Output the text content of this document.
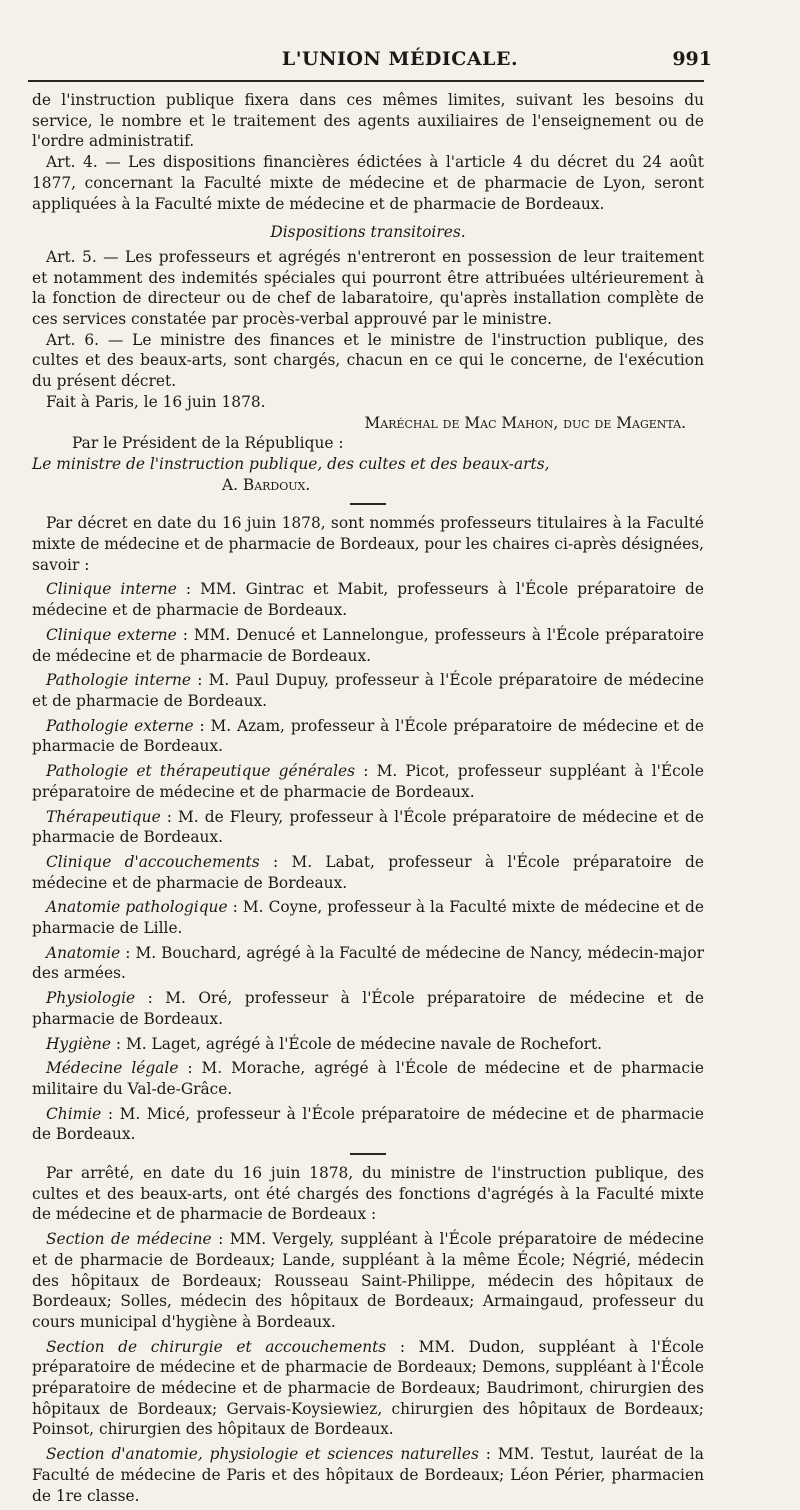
L'UNION MÉDICALE.	991

de l'instruction publique fixera dans ces mêmes limites, suivant les besoins du service, le nombre et le traitement des agents auxiliaires de l'enseignement ou de l'ordre administratif.

Art. 4. — Les dispositions financières édictées à l'article 4 du décret du 24 août 1877, concernant la Faculté mixte de médecine et de pharmacie de Lyon, seront appliquées à la Faculté mixte de médecine et de pharmacie de Bordeaux.

Dispositions transitoires.

Art. 5. — Les professeurs et agrégés n'entreront en possession de leur traitement et notamment des indemités spéciales qui pourront être attribuées ultérieurement à la fonction de directeur ou de chef de labaratoire, qu'après installation complète de ces services constatée par procès-verbal approuvé par le ministre.

Art. 6. — Le ministre des finances et le ministre de l'instruction publique, des cultes et des beaux-arts, sont chargés, chacun en ce qui le concerne, de l'exécution du présent décret.

Fait à Paris, le 16 juin 1878.

Maréchal de Mac Mahon, duc de Magenta.

Par le Président de la République :

Le ministre de l'instruction publique, des cultes et des beaux-arts,

A. Bardoux.

Par décret en date du 16 juin 1878, sont nommés professeurs titulaires à la Faculté mixte de médecine et de pharmacie de Bordeaux, pour les chaires ci-après désignées, savoir :

Clinique interne : MM. Gintrac et Mabit, professeurs à l'École préparatoire de médecine et de pharmacie de Bordeaux.

Clinique externe : MM. Denucé et Lannelongue, professeurs à l'École préparatoire de médecine et de pharmacie de Bordeaux.

Pathologie interne : M. Paul Dupuy, professeur à l'École préparatoire de médecine et de pharmacie de Bordeaux.

Pathologie externe : M. Azam, professeur à l'École préparatoire de médecine et de pharmacie de Bordeaux.

Pathologie et thérapeutique générales : M. Picot, professeur suppléant à l'École préparatoire de médecine et de pharmacie de Bordeaux.

Thérapeutique : M. de Fleury, professeur à l'École préparatoire de médecine et de pharmacie de Bordeaux.

Clinique d'accouchements : M. Labat, professeur à l'École préparatoire de médecine et de pharmacie de Bordeaux.

Anatomie pathologique : M. Coyne, professeur à la Faculté mixte de médecine et de pharmacie de Lille.

Anatomie : M. Bouchard, agrégé à la Faculté de médecine de Nancy, médecin-major des armées.

Physiologie : M. Oré, professeur à l'École préparatoire de médecine et de pharmacie de Bordeaux.

Hygiène : M. Laget, agrégé à l'École de médecine navale de Rochefort.

Médecine légale : M. Morache, agrégé à l'École de médecine et de pharmacie militaire du Val-de-Grâce.

Chimie : M. Micé, professeur à l'École préparatoire de médecine et de pharmacie de Bordeaux.

Par arrêté, en date du 16 juin 1878, du ministre de l'instruction publique, des cultes et des beaux-arts, ont été chargés des fonctions d'agrégés à la Faculté mixte de médecine et de pharmacie de Bordeaux :

Section de médecine : MM. Vergely, suppléant à l'École préparatoire de médecine et de pharmacie de Bordeaux; Lande, suppléant à la même École; Négrié, médecin des hôpitaux de Bordeaux; Rousseau Saint-Philippe, médecin des hôpitaux de Bordeaux; Solles, médecin des hôpitaux de Bordeaux; Armaingaud, professeur du cours municipal d'hygiène à Bordeaux.

Section de chirurgie et accouchements : MM. Dudon, suppléant à l'École préparatoire de médecine et de pharmacie de Bordeaux; Demons, suppléant à l'École préparatoire de médecine et de pharmacie de Bordeaux; Baudrimont, chirurgien des hôpitaux de Bordeaux; Gervais-Koysiewiez, chirurgien des hôpitaux de Bordeaux; Poinsot, chirurgien des hôpitaux de Bordeaux.

Section d'anatomie, physiologie et sciences naturelles : MM. Testut, lauréat de la Faculté de médecine de Paris et des hôpitaux de Bordeaux; Léon Périer, pharmacien de 1re classe.
